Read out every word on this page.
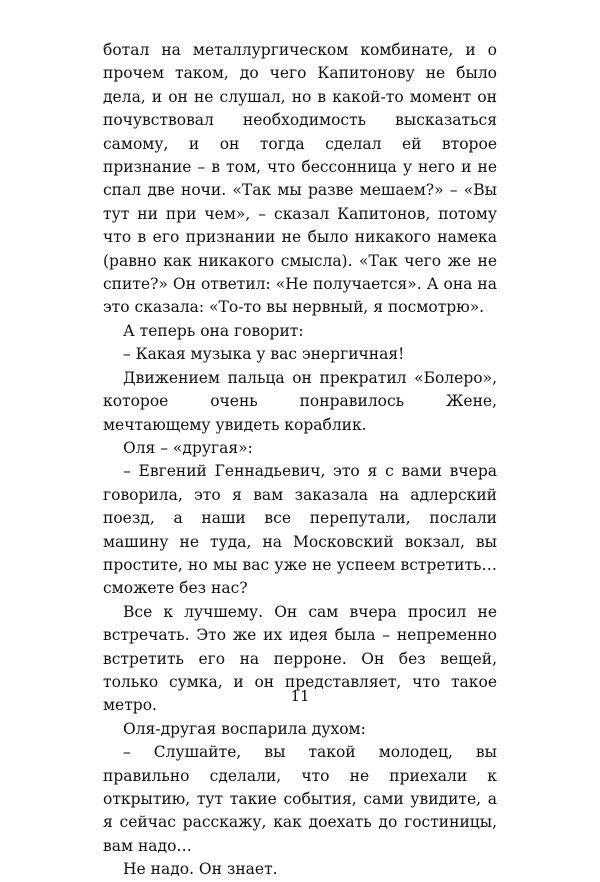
ботал на металлургическом комбинате, и о прочем таком, до чего Капитонову не было дела, и он не слушал, но в какой-то момент он почувствовал необходимость высказаться самому, и он тогда сделал ей второе признание – в том, что бессонница у него и не спал две ночи. «Так мы разве мешаем?» – «Вы тут ни при чем», – сказал Капитонов, потому что в его признании не было никакого намека (равно как никакого смысла). «Так чего же не спите?» Он ответил: «Не получается». А она на это сказала: «То-то вы нервный, я посмотрю».

А теперь она говорит:

– Какая музыка у вас энергичная!

Движением пальца он прекратил «Болеро», которое очень понравилось Жене, мечтающему увидеть кораблик.

Оля – «другая»:

– Евгений Геннадьевич, это я с вами вчера говорила, это я вам заказала на адлерский поезд, а наши все перепутали, послали машину не туда, на Московский вокзал, вы простите, но мы вас уже не успеем встретить… сможете без нас?

Все к лучшему. Он сам вчера просил не встречать. Это же их идея была – непременно встретить его на перроне. Он без вещей, только сумка, и он представляет, что такое метро.

Оля-другая воспарила духом:

– Слушайте, вы такой молодец, вы правильно сделали, что не приехали к открытию, тут такие события, сами увидите, а я сейчас расскажу, как доехать до гостиницы, вам надо…

Не надо. Он знает.

11
